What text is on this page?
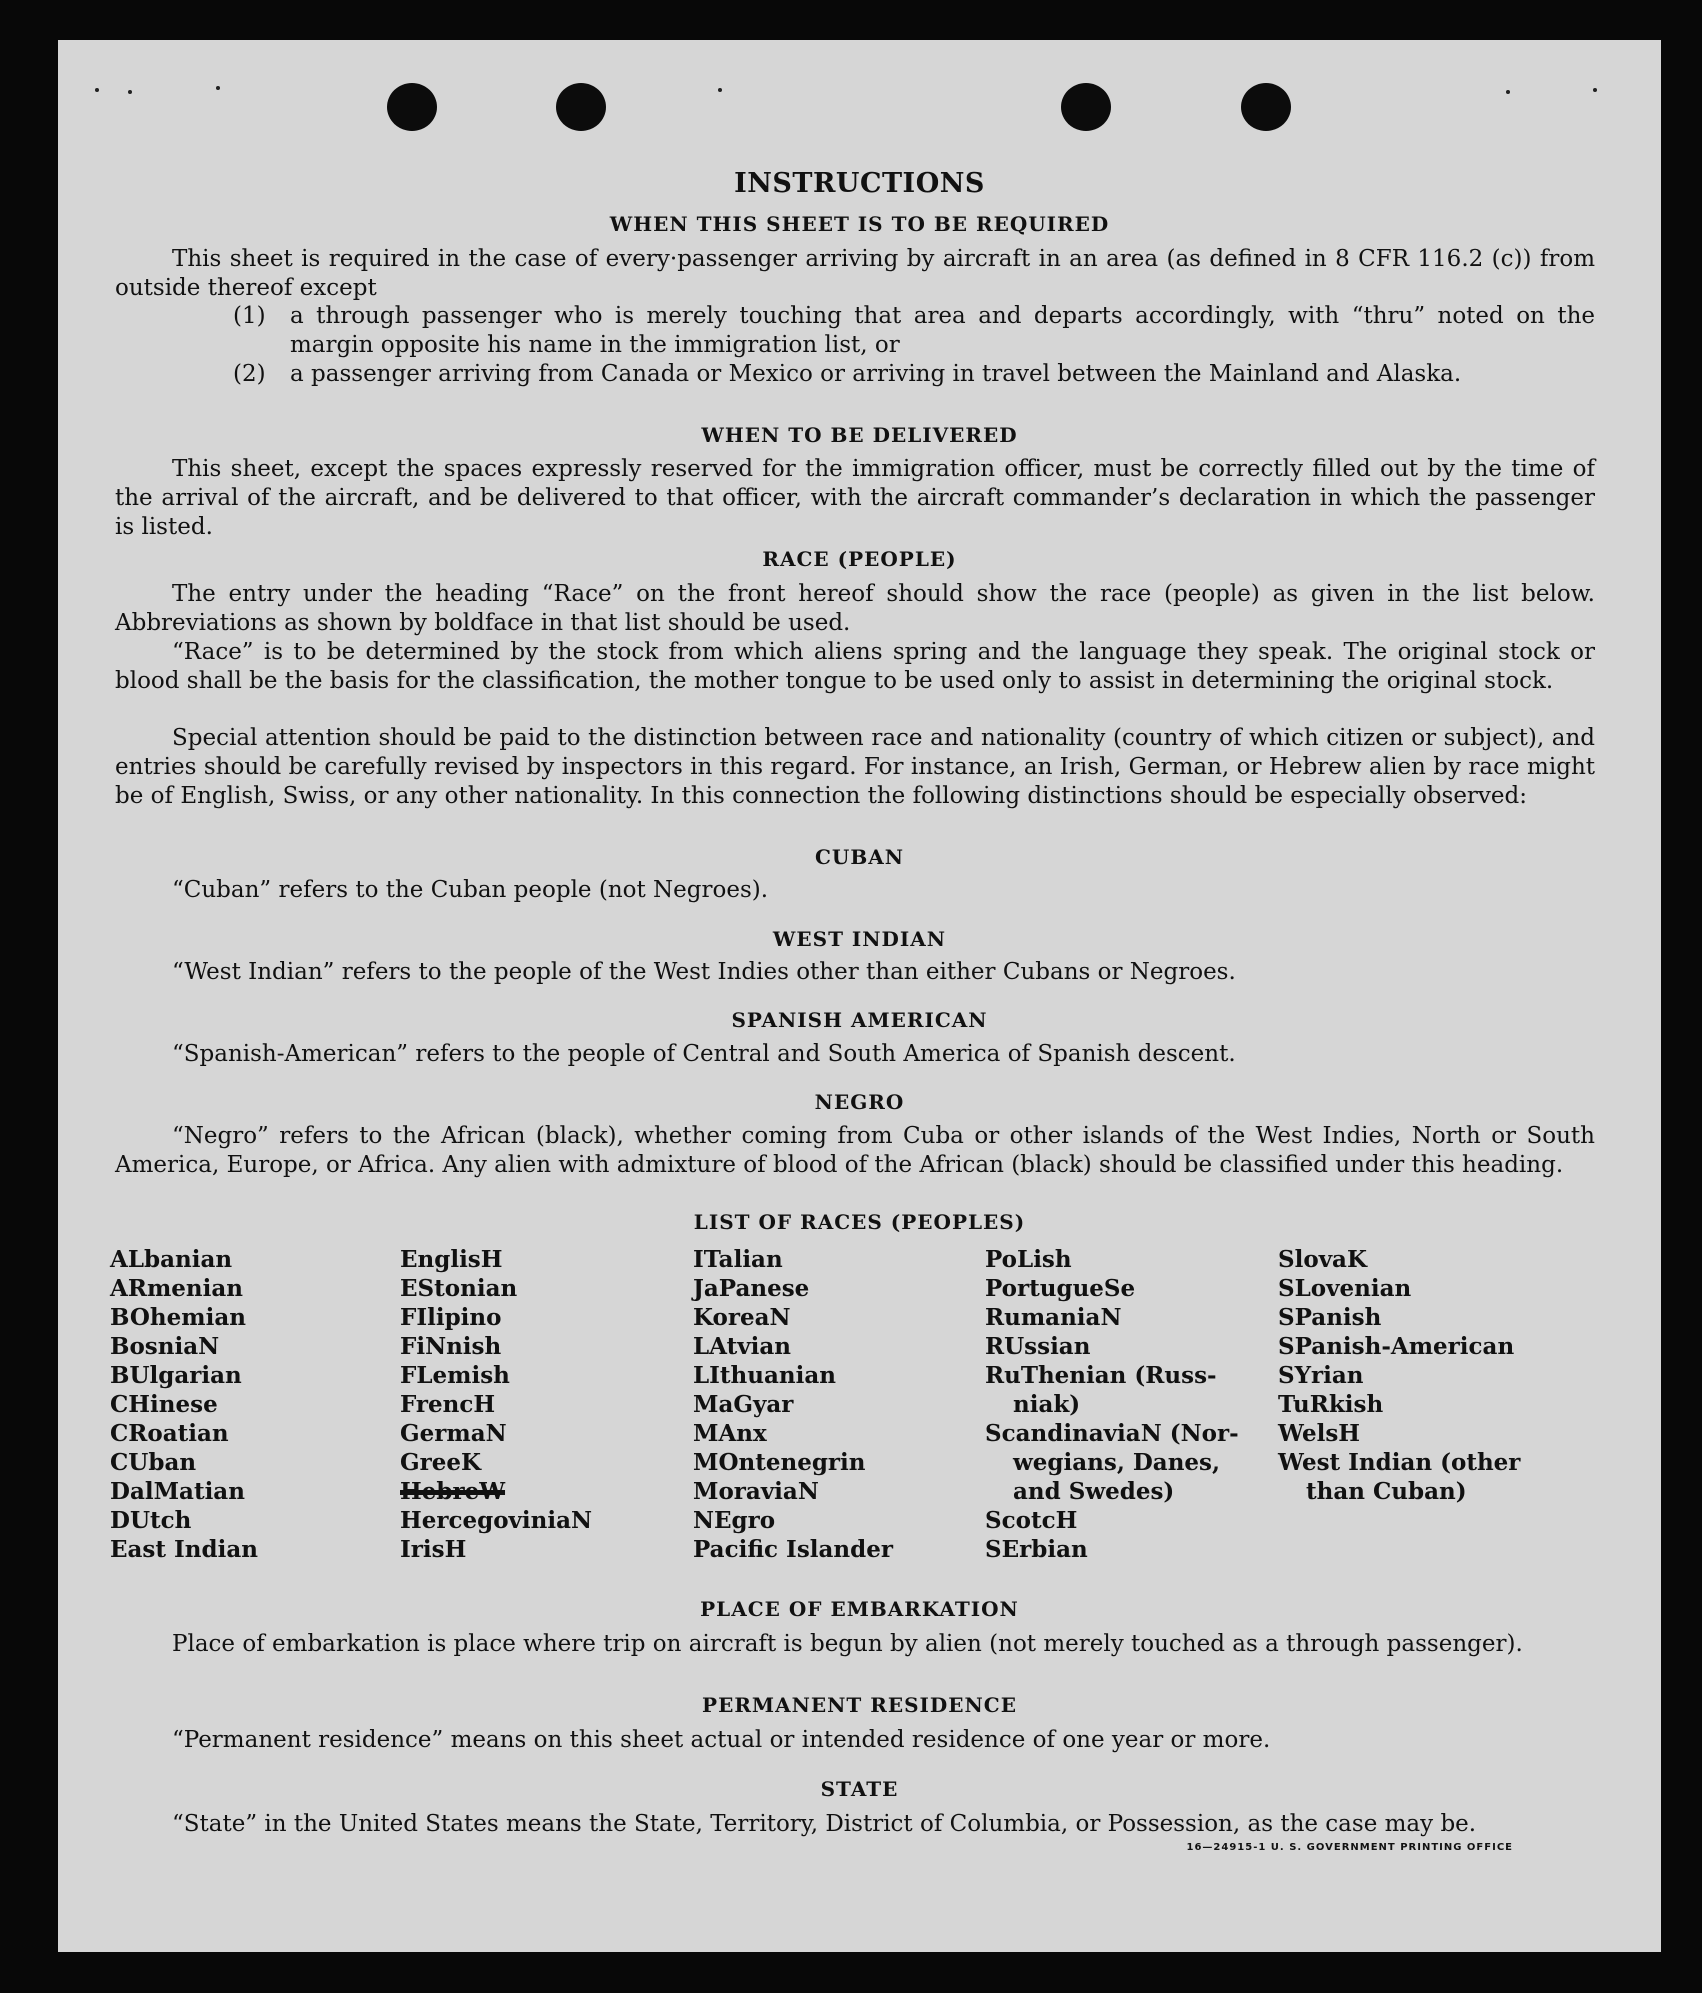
INSTRUCTIONS
WHEN THIS SHEET IS TO BE REQUIRED

This sheet is required in the case of every·passenger arriving by aircraft in an area (as defined in 8 CFR 116.2 (c)) from outside thereof except

(1)	a through passenger who is merely touching that area and departs accordingly, with “thru” noted on the margin opposite his name in the immigration list, or
(2)	a passenger arriving from Canada or Mexico or arriving in travel between the Mainland and Alaska.
WHEN TO BE DELIVERED

This sheet, except the spaces expressly reserved for the immigration officer, must be correctly filled out by the time of the arrival of the aircraft, and be delivered to that officer, with the aircraft commander’s declaration in which the passenger is listed.

RACE (PEOPLE)

The entry under the heading “Race” on the front hereof should show the race (people) as given in the list below. Abbreviations as shown by boldface in that list should be used.

“Race” is to be determined by the stock from which aliens spring and the language they speak. The original stock or blood shall be the basis for the classification, the mother tongue to be used only to assist in determining the original stock.

Special attention should be paid to the distinction between race and nationality (country of which citizen or subject), and entries should be carefully revised by inspectors in this regard. For instance, an Irish, German, or Hebrew alien by race might be of English, Swiss, or any other nationality. In this connection the following distinctions should be especially observed:

CUBAN

“Cuban” refers to the Cuban people (not Negroes).

WEST INDIAN

“West Indian” refers to the people of the West Indies other than either Cubans or Negroes.

SPANISH AMERICAN

“Spanish-American” refers to the people of Central and South America of Spanish descent.

NEGRO

“Negro” refers to the African (black), whether coming from Cuba or other islands of the West Indies, North or South America, Europe, or Africa. Any alien with admixture of blood of the African (black) should be classified under this heading.

LIST OF RACES (PEOPLES)
ALbanian
ARmenian
BOhemian
BosniaN
BUlgarian
CHinese
CRoatian
CUban
DalMatian
DUtch
East Indian
EnglisH
EStonian
FIlipino
FiNnish
FLemish
FrencH
GermaN
GreeK
HebreW
HercegoviniaN
IrisH
ITalian
JaPanese
KoreaN
LAtvian
LIthuanian
MaGyar
MAnx
MOntenegrin
MoraviaN
NEgro
Pacific Islander
PoLish
PortugueSe
RumaniaN
RUssian
RuThenian (Russ-
niak)
ScandinaviaN (Nor-
wegians, Danes,
and Swedes)
ScotcH
SErbian
SlovaK
SLovenian
SPanish
SPanish-American
SYrian
TuRkish
WelsH
West Indian (other
than Cuban)
PLACE OF EMBARKATION

Place of embarkation is place where trip on aircraft is begun by alien (not merely touched as a through passenger).

PERMANENT RESIDENCE

“Permanent residence” means on this sheet actual or intended residence of one year or more.

STATE

“State” in the United States means the State, Territory, District of Columbia, or Possession, as the case may be.

16—24915-1 U. S. GOVERNMENT PRINTING OFFICE
